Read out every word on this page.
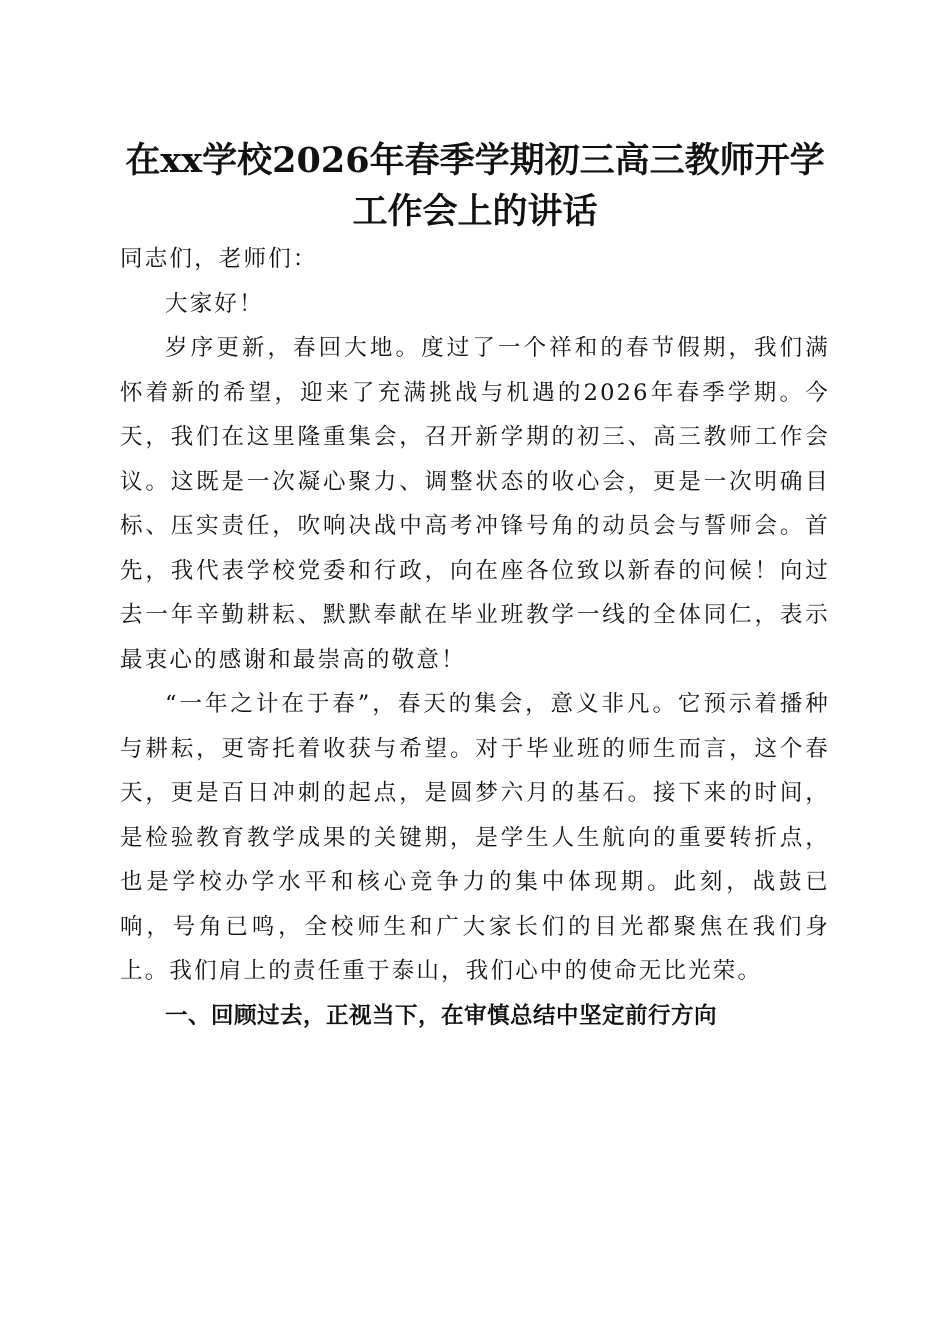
在xx学校2026年春季学期初三高三教师开学
工作会上的讲话

同志们，老师们：

大家好！

岁序更新，春回大地。度过了一个祥和的春节假期，我们满怀着新的希望，迎来了充满挑战与机遇的2026年春季学期。今天，我们在这里隆重集会，召开新学期的初三、高三教师工作会议。这既是一次凝心聚力、调整状态的收心会，更是一次明确目标、压实责任，吹响决战中高考冲锋号角的动员会与誓师会。首先，我代表学校党委和行政，向在座各位致以新春的问候！向过去一年辛勤耕耘、默默奉献在毕业班教学一线的全体同仁，表示最衷心的感谢和最崇高的敬意！

“一年之计在于春”，春天的集会，意义非凡。它预示着播种与耕耘，更寄托着收获与希望。对于毕业班的师生而言，这个春天，更是百日冲刺的起点，是圆梦六月的基石。接下来的时间，是检验教育教学成果的关键期，是学生人生航向的重要转折点，也是学校办学水平和核心竞争力的集中体现期。此刻，战鼓已响，号角已鸣，全校师生和广大家长们的目光都聚焦在我们身上。我们肩上的责任重于泰山，我们心中的使命无比光荣。

一、回顾过去，正视当下，在审慎总结中坚定前行方向
